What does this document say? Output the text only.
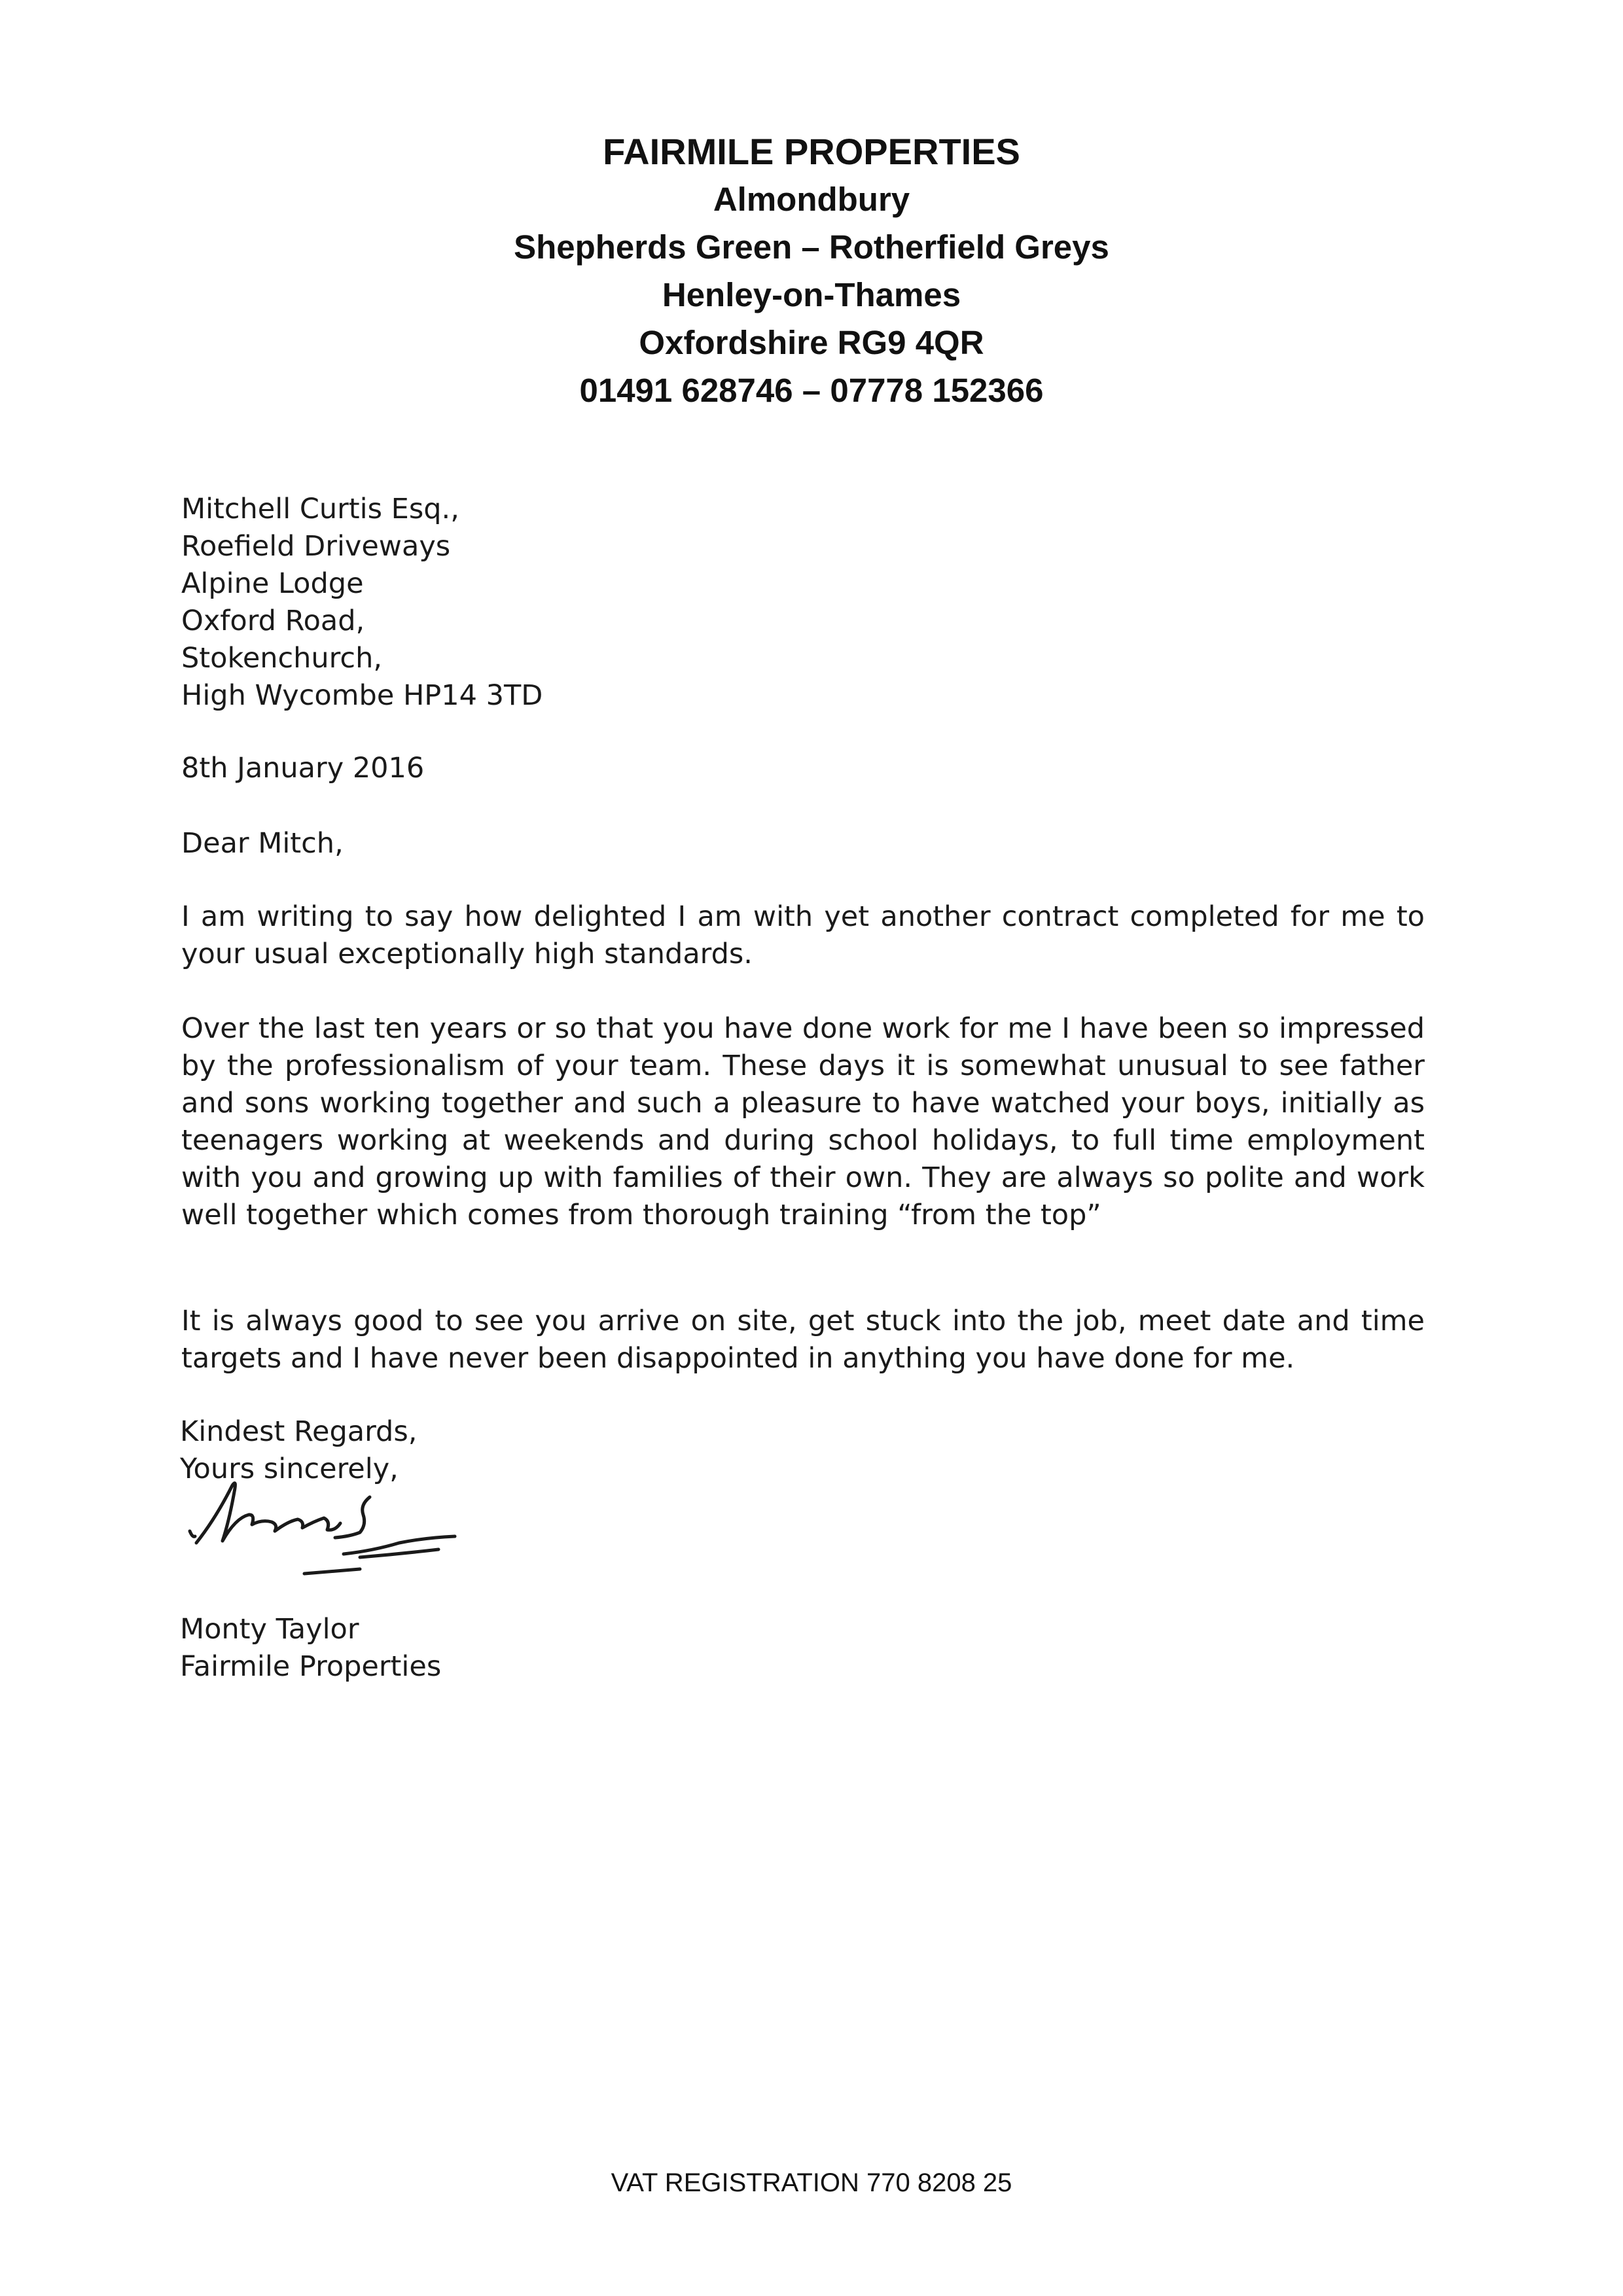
FAIRMILE PROPERTIES
Almondbury
Shepherds Green – Rotherfield Greys
Henley-on-Thames
Oxfordshire RG9 4QR
01491 628746 – 07778 152366
Mitchell Curtis Esq.,
Roefield Driveways
Alpine Lodge
Oxford Road,
Stokenchurch,
High Wycombe HP14 3TD
8th January 2016
Dear Mitch,

I am writing to say how delighted I am with yet another contract completed for me to your usual exceptionally high standards.

Over the last ten years or so that you have done work for me I have been so impressed by the professionalism of your team. These days it is somewhat unusual to see father and sons working together and such a pleasure to have watched your boys, initially as teenagers working at weekends and during school holidays, to full time employment with you and growing up with families of their own. They are always so polite and work well together which comes from thorough training “from the top”

It is always good to see you arrive on site, get stuck into the job, meet date and time targets and I have never been disappointed in anything you have done for me.

Kindest Regards,
Yours sincerely,
Monty Taylor
Fairmile Properties
VAT REGISTRATION 770 8208 25
